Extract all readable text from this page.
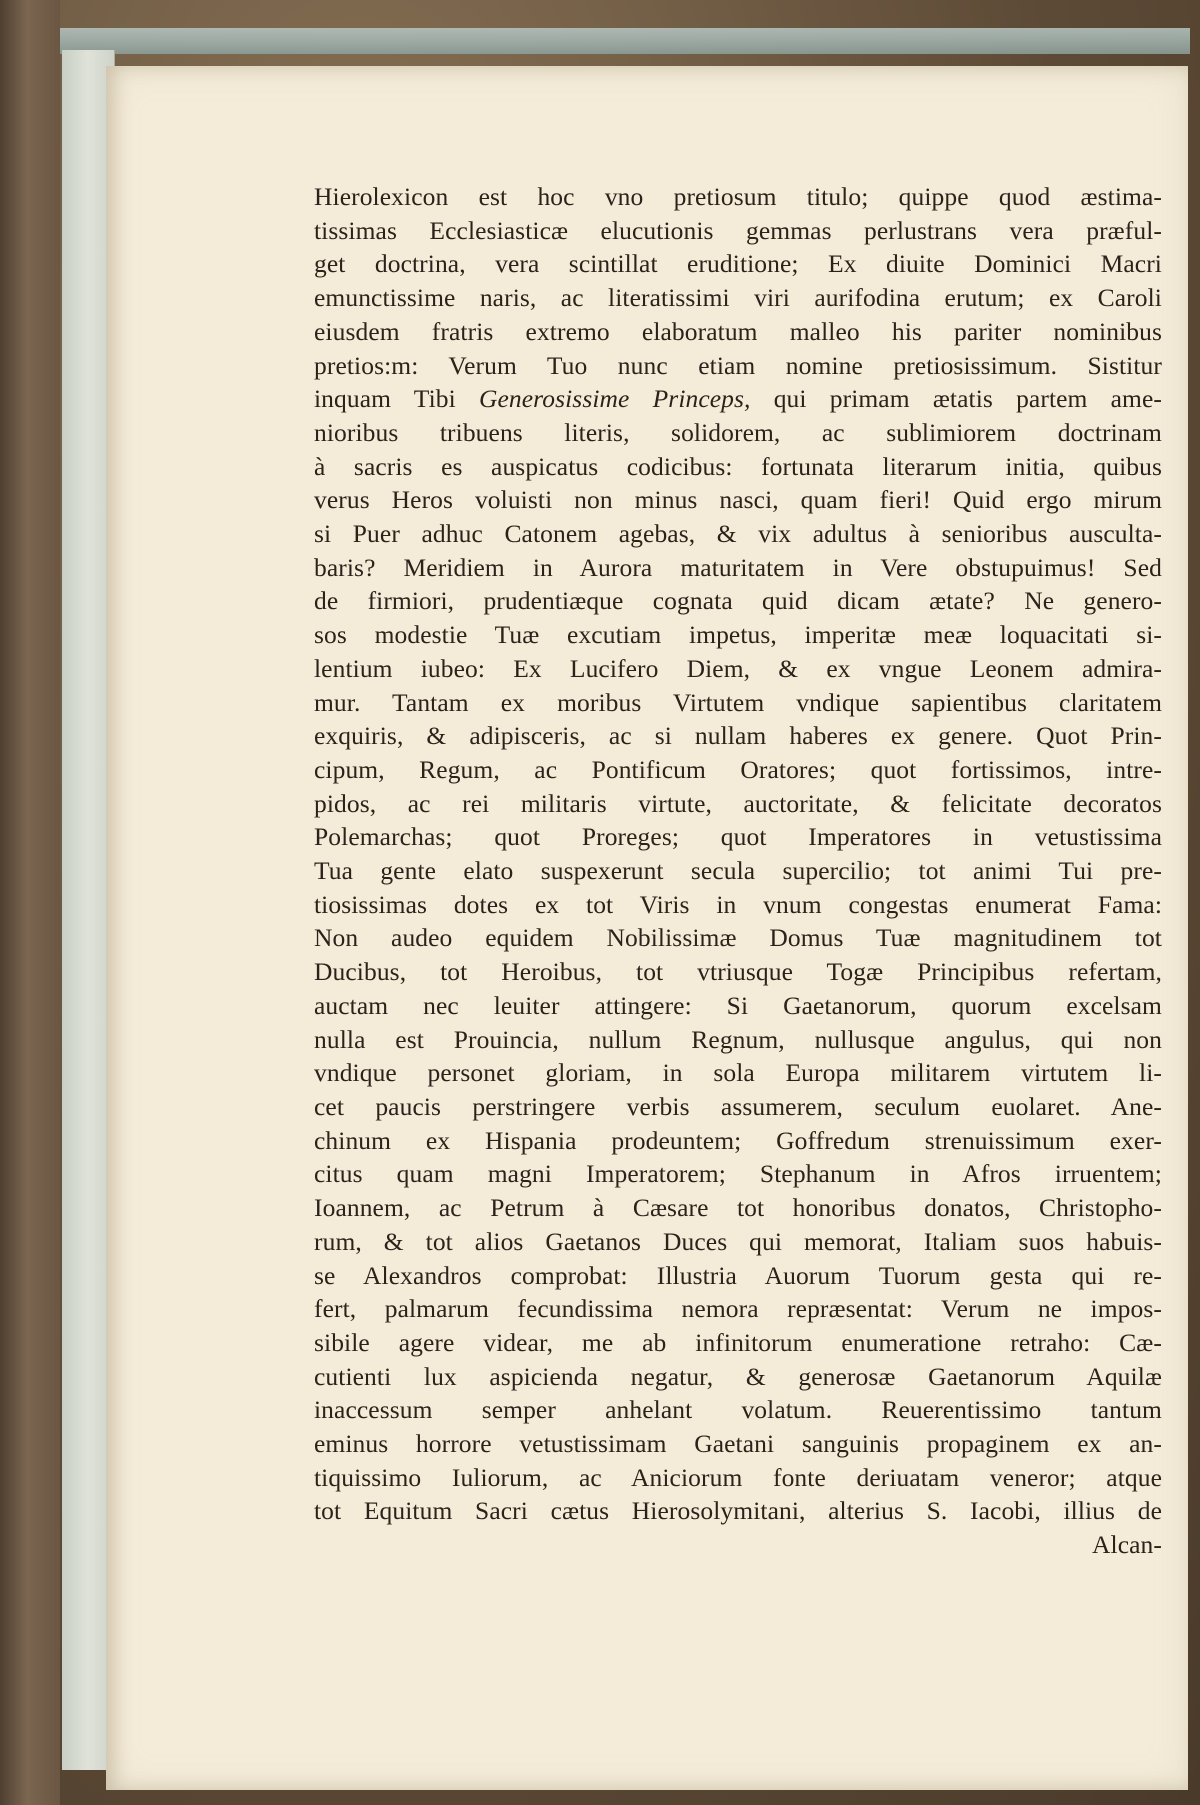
Hierolexicon est hoc vno pretiosum titulo; quippe quod æstima-
tissimas Ecclesiasticæ elucutionis gemmas perlustrans vera præful-
get doctrina, vera scintillat eruditione; Ex diuite Dominici Macri
emunctissime naris, ac literatissimi viri aurifodina erutum; ex Caroli
eiusdem fratris extremo elaboratum malleo his pariter nominibus
pretios:m: Verum Tuo nunc etiam nomine pretiosissimum. Sistitur
inquam Tibi Generosissime Princeps, qui primam ætatis partem ame-
nioribus tribuens literis, solidorem, ac sublimiorem doctrinam
à sacris es auspicatus codicibus: fortunata literarum initia, quibus
verus Heros voluisti non minus nasci, quam fieri! Quid ergo mirum
si Puer adhuc Catonem agebas, & vix adultus à senioribus auscultа-
baris? Meridiem in Aurora maturitatem in Vere obstupuimus! Sed
de firmiori, prudentiæque cognata quid dicam ætate? Ne genero-
sos modestie Tuæ excutiam impetus, imperitæ meæ loquacitati si-
lentium iubeo: Ex Lucifero Diem, & ex vngue Leonem admira-
mur. Tantam ex moribus Virtutem vndique sapientibus claritatem
exquiris, & adipisceris, ac si nullam haberes ex genere. Quot Prin-
cipum, Regum, ac Pontificum Oratores; quot fortissimos, intre-
pidos, ac rei militaris virtute, auctoritate, & felicitate decoratos
Polemarchas; quot Proreges; quot Imperatores in vetustissima
Tua gente elato suspexerunt secula supercilio; tot animi Tui pre-
tiosissimas dotes ex tot Viris in vnum congestas enumerat Fama:
Non audeo equidem Nobilissimæ Domus Tuæ magnitudinem tot
Ducibus, tot Heroibus, tot vtriusque Togæ Principibus refertam,
auctam nec leuiter attingere: Si Gaetanorum, quorum excelsam
nulla est Prouincia, nullum Regnum, nullusque angulus, qui non
vndique personet gloriam, in sola Europa militarem virtutem li-
cet paucis perstringere verbis assumerem, seculum euolaret. Ane-
chinum ex Hispania prodeuntem; Goffredum strenuissimum exer-
citus quam magni Imperatorem; Stephanum in Afros irruentem;
Ioannem, ac Petrum à Cæsare tot honoribus donatos, Christopho-
rum, & tot alios Gaetanos Duces qui memorat, Italiam suos habuis-
se Alexandros comprobat: Illustria Auorum Tuorum gesta qui re-
fert, palmarum fecundissima nemora repræsentat: Verum ne impos-
sibile agere videar, me ab infinitorum enumeratione retraho: Cæ-
cutienti lux aspicienda negatur, & generosæ Gaetanorum Aquilæ
inaccessum semper anhelant volatum. Reuerentissimo tantum
eminus horrore vetustissimam Gaetani sanguinis propaginem ex an-
tiquissimo Iuliorum, ac Aniciorum fonte deriuatam veneror; atque
tot Equitum Sacri cætus Hierosolymitani, alterius S. Iacobi, illius de
Alcan-
